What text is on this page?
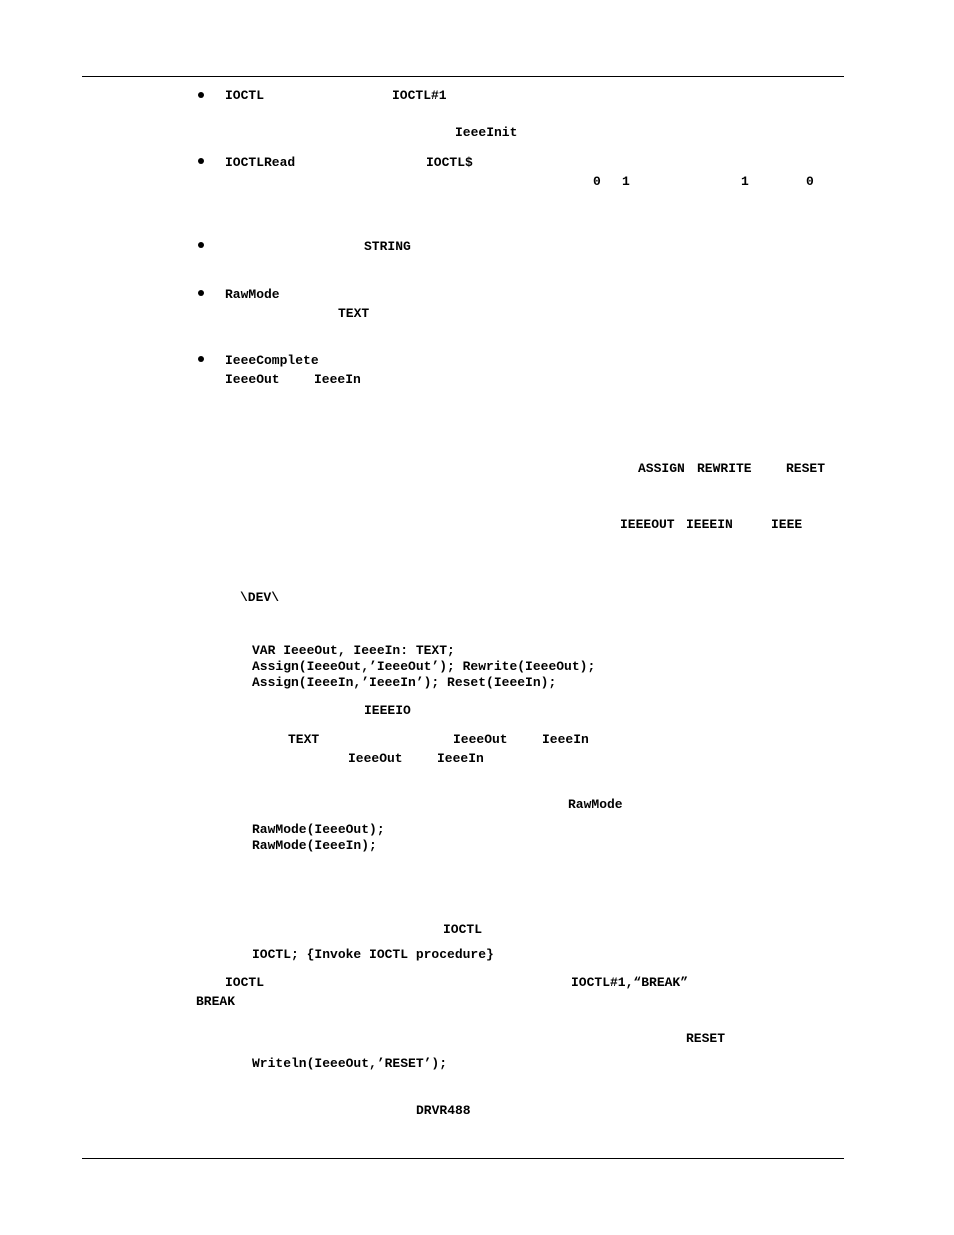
IOCTL	IOCTL#1
IeeeInit
IOCTLRead	IOCTL$
0 1	1	0
STRING
RawMode
TEXT
IeeeComplete
IeeeOut	IeeeIn
ASSIGN REWRITE	RESET
IEEEOUT IEEEIN	IEEE
\DEV\
VAR IeeeOut, IeeeIn: TEXT;
Assign(IeeeOut,’IeeeOut’); Rewrite(IeeeOut);
Assign(IeeeIn,’IeeeIn’); Reset(IeeeIn);
IEEEIO
TEXT	IeeeOut	IeeeIn
IeeeOut	IeeeIn
RawMode
RawMode(IeeeOut);
RawMode(IeeeIn);
IOCTL
IOCTL; {Invoke IOCTL procedure}
IOCTL	IOCTL#1,“BREAK”
BREAK
RESET
Writeln(IeeeOut,’RESET’);
DRVR488
